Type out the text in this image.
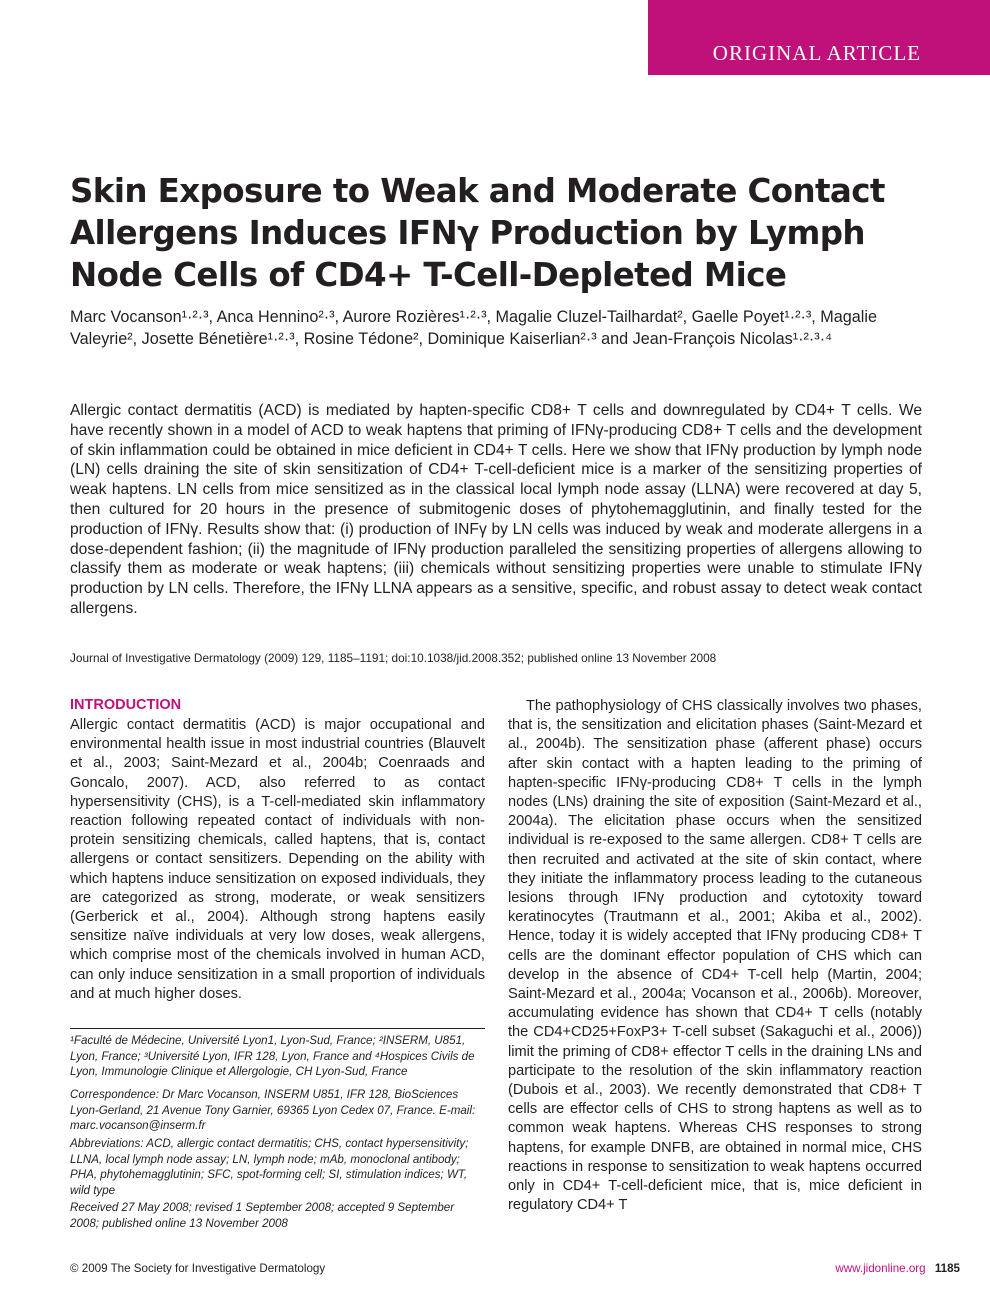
ORIGINAL ARTICLE
Skin Exposure to Weak and Moderate Contact Allergens Induces IFNγ Production by Lymph Node Cells of CD4+ T-Cell-Depleted Mice

Marc Vocanson¹·²·³, Anca Hennino²·³, Aurore Rozières¹·²·³, Magalie Cluzel-Tailhardat², Gaelle Poyet¹·²·³, Magalie Valeyrie², Josette Bénetière¹·²·³, Rosine Tédone², Dominique Kaiserlian²·³ and Jean-François Nicolas¹·²·³·⁴

Allergic contact dermatitis (ACD) is mediated by hapten-specific CD8+ T cells and downregulated by CD4+ T cells. We have recently shown in a model of ACD to weak haptens that priming of IFNγ-producing CD8+ T cells and the development of skin inflammation could be obtained in mice deficient in CD4+ T cells. Here we show that IFNγ production by lymph node (LN) cells draining the site of skin sensitization of CD4+ T-cell-deficient mice is a marker of the sensitizing properties of weak haptens. LN cells from mice sensitized as in the classical local lymph node assay (LLNA) were recovered at day 5, then cultured for 20 hours in the presence of submitogenic doses of phytohemagglutinin, and finally tested for the production of IFNγ. Results show that: (i) production of INFγ by LN cells was induced by weak and moderate allergens in a dose-dependent fashion; (ii) the magnitude of IFNγ production paralleled the sensitizing properties of allergens allowing to classify them as moderate or weak haptens; (iii) chemicals without sensitizing properties were unable to stimulate IFNγ production by LN cells. Therefore, the IFNγ LLNA appears as a sensitive, specific, and robust assay to detect weak contact allergens.

Journal of Investigative Dermatology (2009) 129, 1185–1191; doi:10.1038/jid.2008.352; published online 13 November 2008

INTRODUCTION

Allergic contact dermatitis (ACD) is major occupational and environmental health issue in most industrial countries (Blauvelt et al., 2003; Saint-Mezard et al., 2004b; Coenraads and Goncalo, 2007). ACD, also referred to as contact hypersensitivity (CHS), is a T-cell-mediated skin inflammatory reaction following repeated contact of individuals with non-protein sensitizing chemicals, called haptens, that is, contact allergens or contact sensitizers. Depending on the ability with which haptens induce sensitization on exposed individuals, they are categorized as strong, moderate, or weak sensitizers (Gerberick et al., 2004). Although strong haptens easily sensitize naïve individuals at very low doses, weak allergens, which comprise most of the chemicals involved in human ACD, can only induce sensitization in a small proportion of individuals and at much higher doses.

The pathophysiology of CHS classically involves two phases, that is, the sensitization and elicitation phases (Saint-Mezard et al., 2004b). The sensitization phase (afferent phase) occurs after skin contact with a hapten leading to the priming of hapten-specific IFNγ-producing CD8+ T cells in the lymph nodes (LNs) draining the site of exposition (Saint-Mezard et al., 2004a). The elicitation phase occurs when the sensitized individual is re-exposed to the same allergen. CD8+ T cells are then recruited and activated at the site of skin contact, where they initiate the inflammatory process leading to the cutaneous lesions through IFNγ production and cytotoxity toward keratinocytes (Trautmann et al., 2001; Akiba et al., 2002). Hence, today it is widely accepted that IFNγ producing CD8+ T cells are the dominant effector population of CHS which can develop in the absence of CD4+ T-cell help (Martin, 2004; Saint-Mezard et al., 2004a; Vocanson et al., 2006b). Moreover, accumulating evidence has shown that CD4+ T cells (notably the CD4+CD25+FoxP3+ T-cell subset (Sakaguchi et al., 2006)) limit the priming of CD8+ effector T cells in the draining LNs and participate to the resolution of the skin inflammatory reaction (Dubois et al., 2003). We recently demonstrated that CD8+ T cells are effector cells of CHS to strong haptens as well as to common weak haptens. Whereas CHS responses to strong haptens, for example DNFB, are obtained in normal mice, CHS reactions in response to sensitization to weak haptens occurred only in CD4+ T-cell-deficient mice, that is, mice deficient in regulatory CD4+ T

¹Faculté de Médecine, Université Lyon1, Lyon-Sud, France; ²INSERM, U851, Lyon, France; ³Université Lyon, IFR 128, Lyon, France and ⁴Hospices Civils de Lyon, Immunologie Clinique et Allergologie, CH Lyon-Sud, France

Correspondence: Dr Marc Vocanson, INSERM U851, IFR 128, BioSciences Lyon-Gerland, 21 Avenue Tony Garnier, 69365 Lyon Cedex 07, France. E-mail: marc.vocanson@inserm.fr

Abbreviations: ACD, allergic contact dermatitis; CHS, contact hypersensitivity; LLNA, local lymph node assay; LN, lymph node; mAb, monoclonal antibody; PHA, phytohemagglutinin; SFC, spot-forming cell; SI, stimulation indices; WT, wild type

Received 27 May 2008; revised 1 September 2008; accepted 9 September 2008; published online 13 November 2008

© 2009 The Society for Investigative Dermatology	www.jidonline.org 1185
